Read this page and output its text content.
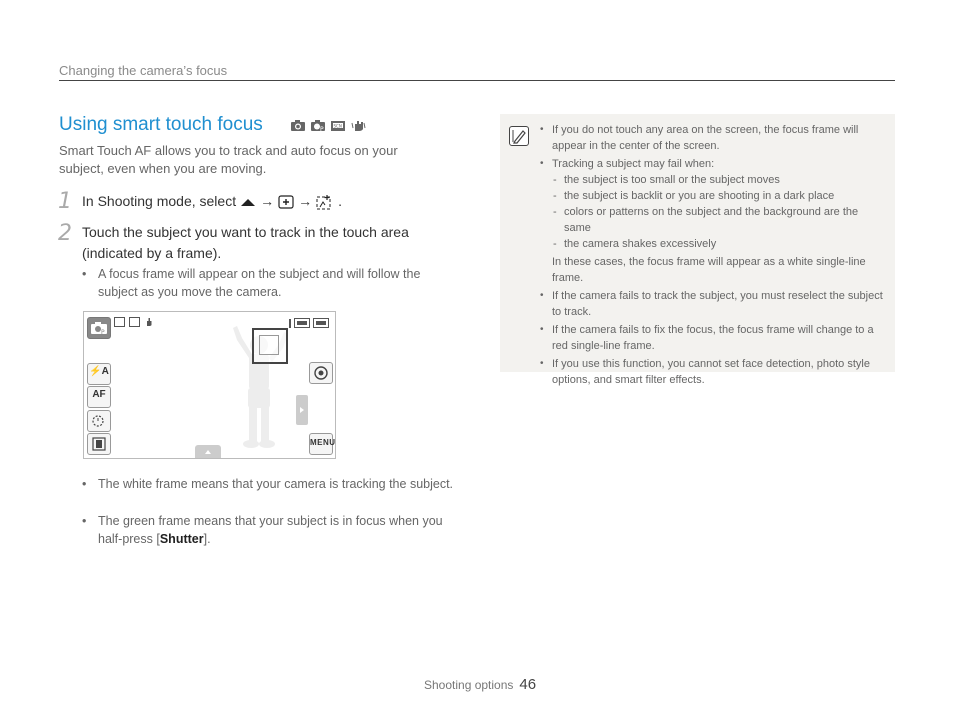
Changing the camera’s focus
Using smart touch focus	P SCN
Smart Touch AF allows you to track and auto focus on your subject, even when you are moving.
1 In Shooting mode, select → → .
2 Touch the subject you want to track in the touch area (indicated by a frame).
• A focus frame will appear on the subject and will follow the subject as you move the camera.
P
⚡A
AF
MENU
• The white frame means that your camera is tracking the subject.
• The green frame means that your subject is in focus when you half-press [Shutter].
• If you do not touch any area on the screen, the focus frame will appear in the center of the screen.
• Tracking a subject may fail when:
- the subject is too small or the subject moves
- the subject is backlit or you are shooting in a dark place
- colors or patterns on the subject and the background are the same
- the camera shakes excessively
In these cases, the focus frame will appear as a white single-line frame.
• If the camera fails to track the subject, you must reselect the subject to track.
• If the camera fails to fix the focus, the focus frame will change to a red single-line frame.
• If you use this function, you cannot set face detection, photo style options, and smart filter effects.
Shooting options 46
